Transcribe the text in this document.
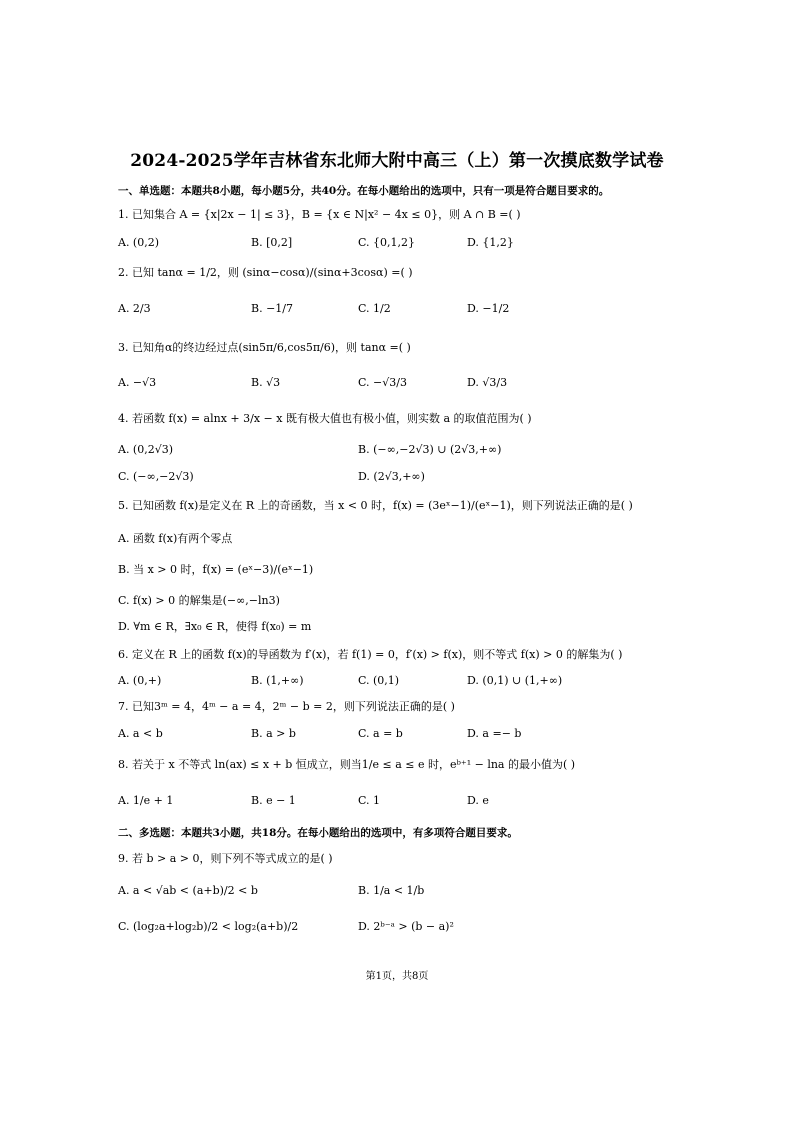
2024-2025学年吉林省东北师大附中高三（上）第一次摸底数学试卷
一、单选题：本题共8小题，每小题5分，共40分。在每小题给出的选项中，只有一项是符合题目要求的。
1. 已知集合 A = {x|2x − 1| ≤ 3}，B = {x ∈ N|x² − 4x ≤ 0}，则 A ∩ B =( )
A. (0,2)	B. [0,2]	C. {0,1,2}	D. {1,2}
2. 已知 tanα = 1/2，则 (sinα−cosα)/(sinα+3cosα) =( )
A. 2/3	B. −1/7	C. 1/2	D. −1/2
3. 已知角α的终边经过点(sin5π/6,cos5π/6)，则 tanα =( )
A. −√3	B. √3	C. −√3/3	D. √3/3
4. 若函数 f(x) = alnx + 3/x − x 既有极大值也有极小值，则实数 a 的取值范围为( )
A. (0,2√3)	B. (−∞,−2√3) ∪ (2√3,+∞)
C. (−∞,−2√3)	D. (2√3,+∞)
5. 已知函数 f(x)是定义在 R 上的奇函数，当 x < 0 时，f(x) = (3eˣ−1)/(eˣ−1)，则下列说法正确的是( )
A. 函数 f(x)有两个零点
B. 当 x > 0 时，f(x) = (eˣ−3)/(eˣ−1)
C. f(x) > 0 的解集是(−∞,−ln3)
D. ∀m ∈ R，∃x₀ ∈ R，使得 f(x₀) = m
6. 定义在 R 上的函数 f(x)的导函数为 f′(x)，若 f(1) = 0，f′(x) > f(x)，则不等式 f(x) > 0 的解集为( )
A. (0,+)	B. (1,+∞)	C. (0,1)	D. (0,1) ∪ (1,+∞)
7. 已知3ᵐ = 4，4ᵐ − a = 4，2ᵐ − b = 2，则下列说法正确的是( )
A. a < b	B. a > b	C. a = b	D. a =− b
8. 若关于 x 不等式 ln(ax) ≤ x + b 恒成立，则当1/e ≤ a ≤ e 时，eᵇ⁺¹ − lna 的最小值为( )
A. 1/e + 1	B. e − 1	C. 1	D. e
二、多选题：本题共3小题，共18分。在每小题给出的选项中，有多项符合题目要求。
9. 若 b > a > 0，则下列不等式成立的是( )
A. a < √ab < (a+b)/2 < b	B. 1/a < 1/b
C. (log₂a+log₂b)/2 < log₂(a+b)/2	D. 2ᵇ⁻ᵃ > (b − a)²
第1页，共8页
